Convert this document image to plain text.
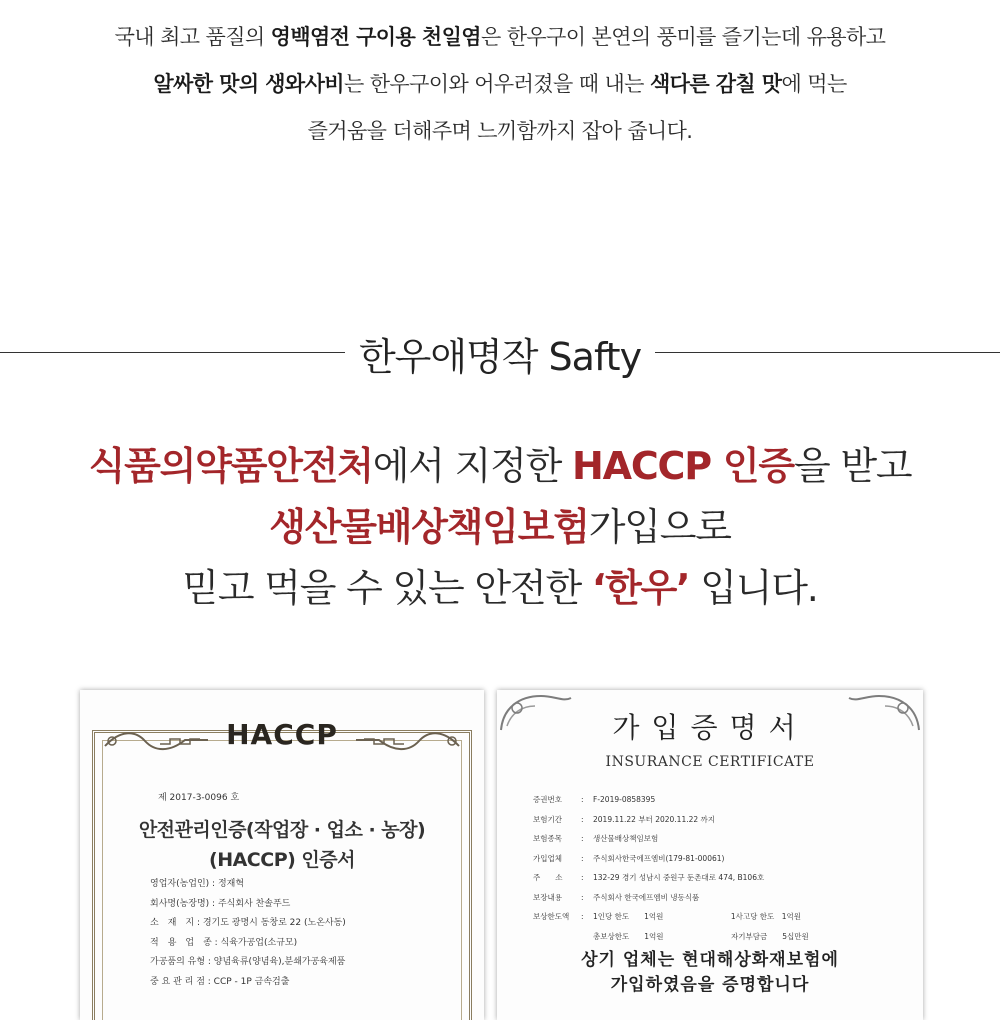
국내 최고 품질의 영백염전 구이용 천일염은 한우구이 본연의 풍미를 즐기는데 유용하고
알싸한 맛의 생와사비는 한우구이와 어우러졌을 때 내는 색다른 감칠 맛에 먹는
즐거움을 더해주며 느끼함까지 잡아 줍니다.
한우애명작 Safty
식품의약품안전처에서 지정한 HACCP 인증을 받고
생산물배상책임보험가입으로
믿고 먹을 수 있는 안전한 ‘한우’ 입니다.
HACCP
제 2017-3-0096 호
안전관리인증(작업장 · 업소 · 농장)
(HACCP) 인증서
영업자(농업인) : 정재혁
회사명(농장명) : 주식회사 찬솔푸드
소　재　지 : 경기도 광명시 동창로 22 (노온사동)
적　용　업　종 : 식육가공업(소규모)
가공품의 유형 : 양념육류(양념육),분쇄가공육제품
중 요 관 리 점 : CCP - 1P 금속검출
가입증명서
INSURANCE CERTIFICATE
증권번호	: F-2019-0858395
보험기간	: 2019.11.22 부터 2020.11.22 까지
보험종목	: 생산물배상책임보험
가입업체	: 주식회사한국에프엠비(179-81-00061)
주　　소 : 132-29 경기 성남시 중원구 둔촌대로 474, B106호
보장내용	: 주식회사 한국에프엠비 냉동식품
보상한도액 : 1인당 한도　　1억원　　　　　　　　　1사고당 한도　1억원
총보상한도　　1억원　　　　　　　　　자기부담금　　5십만원
상기 업체는 현대해상화재보험에
가입하였음을 증명합니다
